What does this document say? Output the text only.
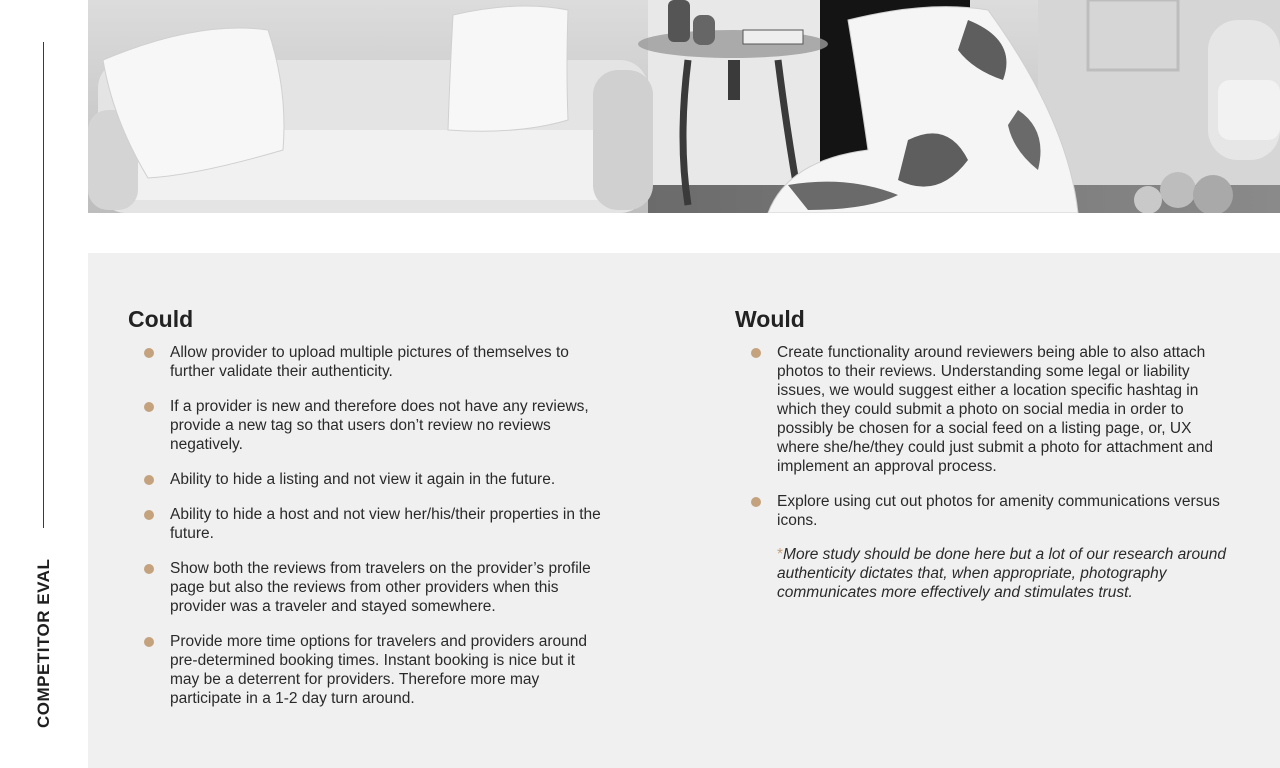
COMPETITOR EVAL
Could
Allow provider to upload multiple pictures of themselves to further validate their authenticity.
If a provider is new and therefore does not have any reviews, provide a new tag so that users don’t review no reviews negatively.
Ability to hide a listing and not view it again in the future.
Ability to hide a host and not view her/his/their properties in the future.
Show both the reviews from travelers on the provider’s profile page but also the reviews from other providers when this provider was a traveler and stayed somewhere.
Provide more time options for travelers and providers around pre-determined booking times. Instant booking is nice but it may be a deterrent for providers. Therefore more may participate in a 1-2 day turn around.
Would
Create functionality around reviewers being able to also attach photos to their reviews. Understanding some legal or liability issues, we would suggest either a location specific hashtag in which they could submit a photo on social media in order to possibly be chosen for a social feed on a listing page, or, UX where she/he/they could just submit a photo for attachment and implement an approval process.
Explore using cut out photos for amenity communications versus icons.
*More study should be done here but a lot of our research around authenticity dictates that, when appropriate, photography communicates more effectively and stimulates trust.
